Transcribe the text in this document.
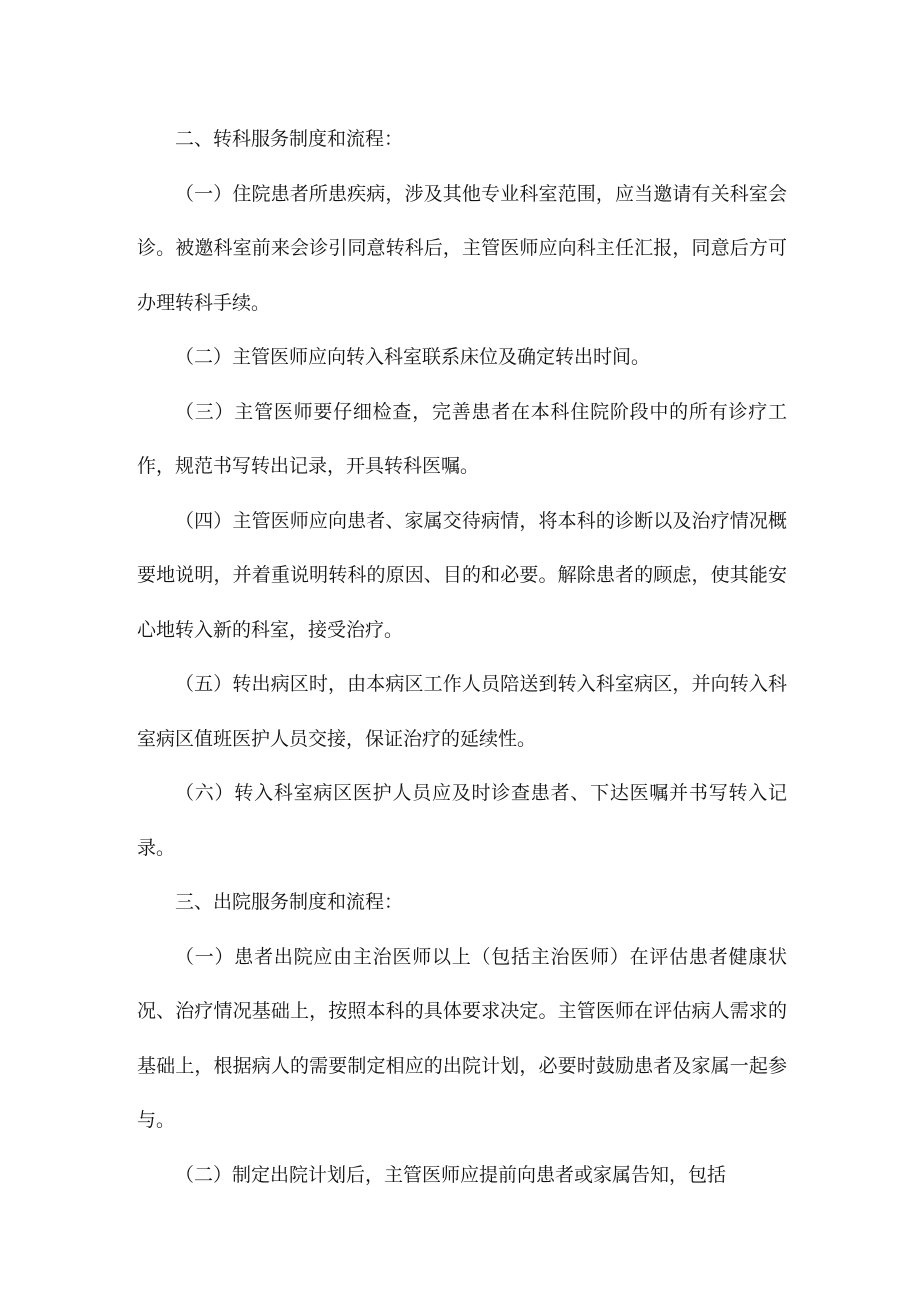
二、转科服务制度和流程：

（一）住院患者所患疾病，涉及其他专业科室范围，应当邀请有关科室会诊。被邀科室前来会诊引同意转科后，主管医师应向科主任汇报，同意后方可办理转科手续。

（二）主管医师应向转入科室联系床位及确定转出时间。

（三）主管医师要仔细检查，完善患者在本科住院阶段中的所有诊疗工作，规范书写转出记录，开具转科医嘱。

（四）主管医师应向患者、家属交待病情，将本科的诊断以及治疗情况概要地说明，并着重说明转科的原因、目的和必要。解除患者的顾虑，使其能安心地转入新的科室，接受治疗。

（五）转出病区时，由本病区工作人员陪送到转入科室病区，并向转入科室病区值班医护人员交接，保证治疗的延续性。

（六）转入科室病区医护人员应及时诊查患者、下达医嘱并书写转入记录。

三、出院服务制度和流程：

（一）患者出院应由主治医师以上（包括主治医师）在评估患者健康状况、治疗情况基础上，按照本科的具体要求决定。主管医师在评估病人需求的基础上，根据病人的需要制定相应的出院计划，必要时鼓励患者及家属一起参与。

（二）制定出院计划后，主管医师应提前向患者或家属告知，包括
